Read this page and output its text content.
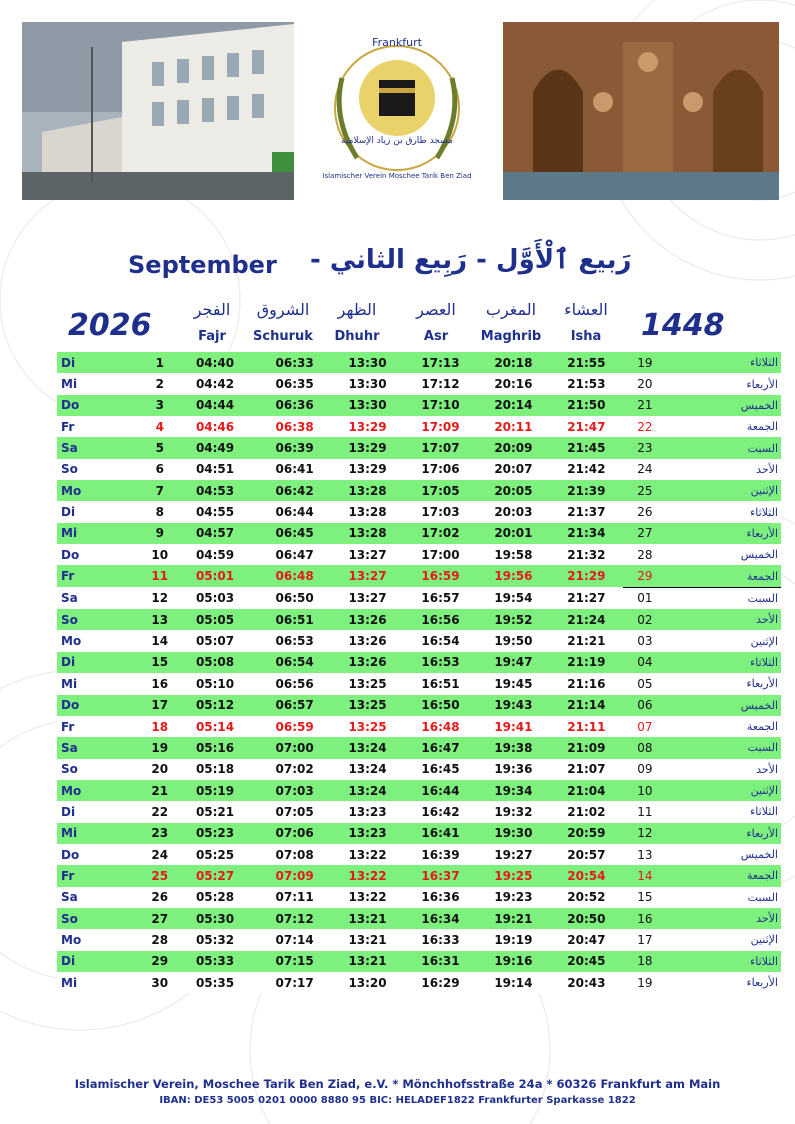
Frankfurt
مسجد طارق بن زياد الإسلامية
Islamischer Verein Moschee Tarik Ben Ziad
September رَبيع ٱلْأَوَّل - رَبِيع الثاني -
2026	1448
الفجر
Fajr
الشروق
Schuruk
الظهر
Dhuhr
العصر
Asr
المغرب
Maghrib
العشاء
Isha
Di	1	04:40	06:33	13:30	17:13	20:18	21:55	19	الثلاثاء
Mi	2	04:42	06:35	13:30	17:12	20:16	21:53	20	الأربعاء
Do	3	04:44	06:36	13:30	17:10	20:14	21:50	21	الخميس
Fr	4	04:46	06:38	13:29	17:09	20:11	21:47	22	الجمعة
Sa	5	04:49	06:39	13:29	17:07	20:09	21:45	23	السبت
So	6	04:51	06:41	13:29	17:06	20:07	21:42	24	الأحد
Mo	7	04:53	06:42	13:28	17:05	20:05	21:39	25	الإثنين
Di	8	04:55	06:44	13:28	17:03	20:03	21:37	26	الثلاثاء
Mi	9	04:57	06:45	13:28	17:02	20:01	21:34	27	الأربعاء
Do	10	04:59	06:47	13:27	17:00	19:58	21:32	28	الخميس
Fr	11	05:01	06:48	13:27	16:59	19:56	21:29	29	الجمعة
Sa	12	05:03	06:50	13:27	16:57	19:54	21:27	01	السبت
So	13	05:05	06:51	13:26	16:56	19:52	21:24	02	الأحد
Mo	14	05:07	06:53	13:26	16:54	19:50	21:21	03	الإثنين
Di	15	05:08	06:54	13:26	16:53	19:47	21:19	04	الثلاثاء
Mi	16	05:10	06:56	13:25	16:51	19:45	21:16	05	الأربعاء
Do	17	05:12	06:57	13:25	16:50	19:43	21:14	06	الخميس
Fr	18	05:14	06:59	13:25	16:48	19:41	21:11	07	الجمعة
Sa	19	05:16	07:00	13:24	16:47	19:38	21:09	08	السبت
So	20	05:18	07:02	13:24	16:45	19:36	21:07	09	الأحد
Mo	21	05:19	07:03	13:24	16:44	19:34	21:04	10	الإثنين
Di	22	05:21	07:05	13:23	16:42	19:32	21:02	11	الثلاثاء
Mi	23	05:23	07:06	13:23	16:41	19:30	20:59	12	الأربعاء
Do	24	05:25	07:08	13:22	16:39	19:27	20:57	13	الخميس
Fr	25	05:27	07:09	13:22	16:37	19:25	20:54	14	الجمعة
Sa	26	05:28	07:11	13:22	16:36	19:23	20:52	15	السبت
So	27	05:30	07:12	13:21	16:34	19:21	20:50	16	الأحد
Mo	28	05:32	07:14	13:21	16:33	19:19	20:47	17	الإثنين
Di	29	05:33	07:15	13:21	16:31	19:16	20:45	18	الثلاثاء
Mi	30	05:35	07:17	13:20	16:29	19:14	20:43	19	الأربعاء
Islamischer Verein, Moschee Tarik Ben Ziad, e.V. * Mönchhofsstraße 24a * 60326 Frankfurt am Main
IBAN: DE53 5005 0201 0000 8880 95 BIC: HELADEF1822 Frankfurter Sparkasse 1822
